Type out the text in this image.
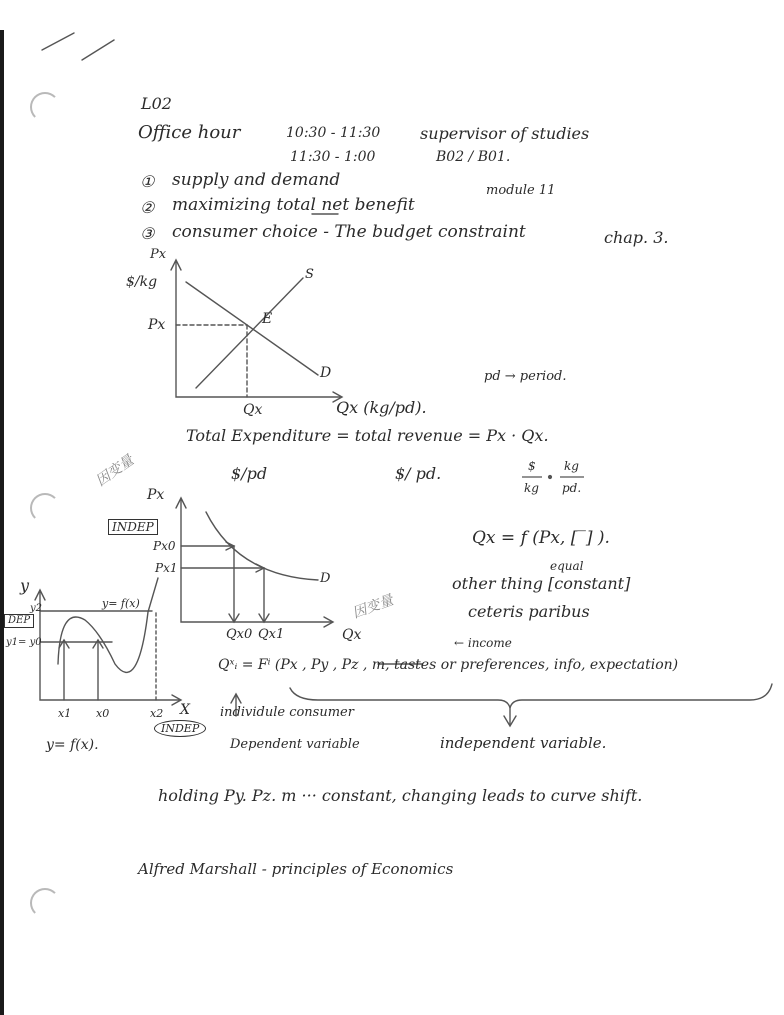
L02
Office hour	10:30 - 11:30
11:30 - 1:00
supervisor of studies
B02 / B01.
① supply and demand
② maximizing total net benefit
③ consumer choice - The budget constraint
module 11
chap. 3.
Px
$/kg
Px
S
E
D
Qx	Qx (kg/pd).
pd → period.
Total Expenditure = total revenue = Px · Qx.
$/pd	$/ pd.	$
kg
kg
pd.
因变量
Px
INDEP
Px0
Px1
D
Qx0 Qx1	Qx
因变量
y
DEP
y2
y1= y0
y= f(x)
x1 x0	x2 X
INDEP
y= f(x).
Qx = f (Px, [‾] ).
equal
other thing [constant]
ceteris paribus
← income
Qˣᵢ = Fⁱ (Px , Py , Pz , m, tastes or preferences, info, expectation)
individule consumer
Dependent variable	independent variable.
holding Py. Pz. m ··· constant, changing leads to curve shift.
Alfred Marshall - principles of Economics
